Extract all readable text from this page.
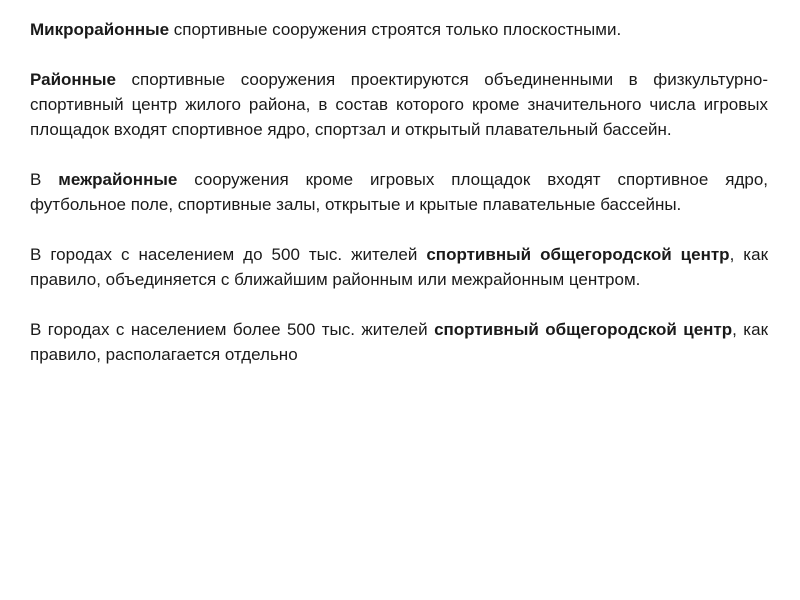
Микрорайонные спортивные сооружения строятся только плоскостными.

Районные спортивные сооружения проектируются объединенными в физкультурно-спортивный центр жилого района, в состав которого кроме значительного числа игровых площадок входят спортивное ядро, спортзал и открытый плавательный бассейн.

В межрайонные сооружения кроме игровых площадок входят спортивное ядро, футбольное поле, спортивные залы, открытые и крытые плавательные бассейны.

В городах с населением до 500 тыс. жителей спортивный общегородской центр, как правило, объединяется с ближайшим районным или межрайонным центром.

В городах с населением более 500 тыс. жителей спортивный общегородской центр, как правило, располагается отдельно
